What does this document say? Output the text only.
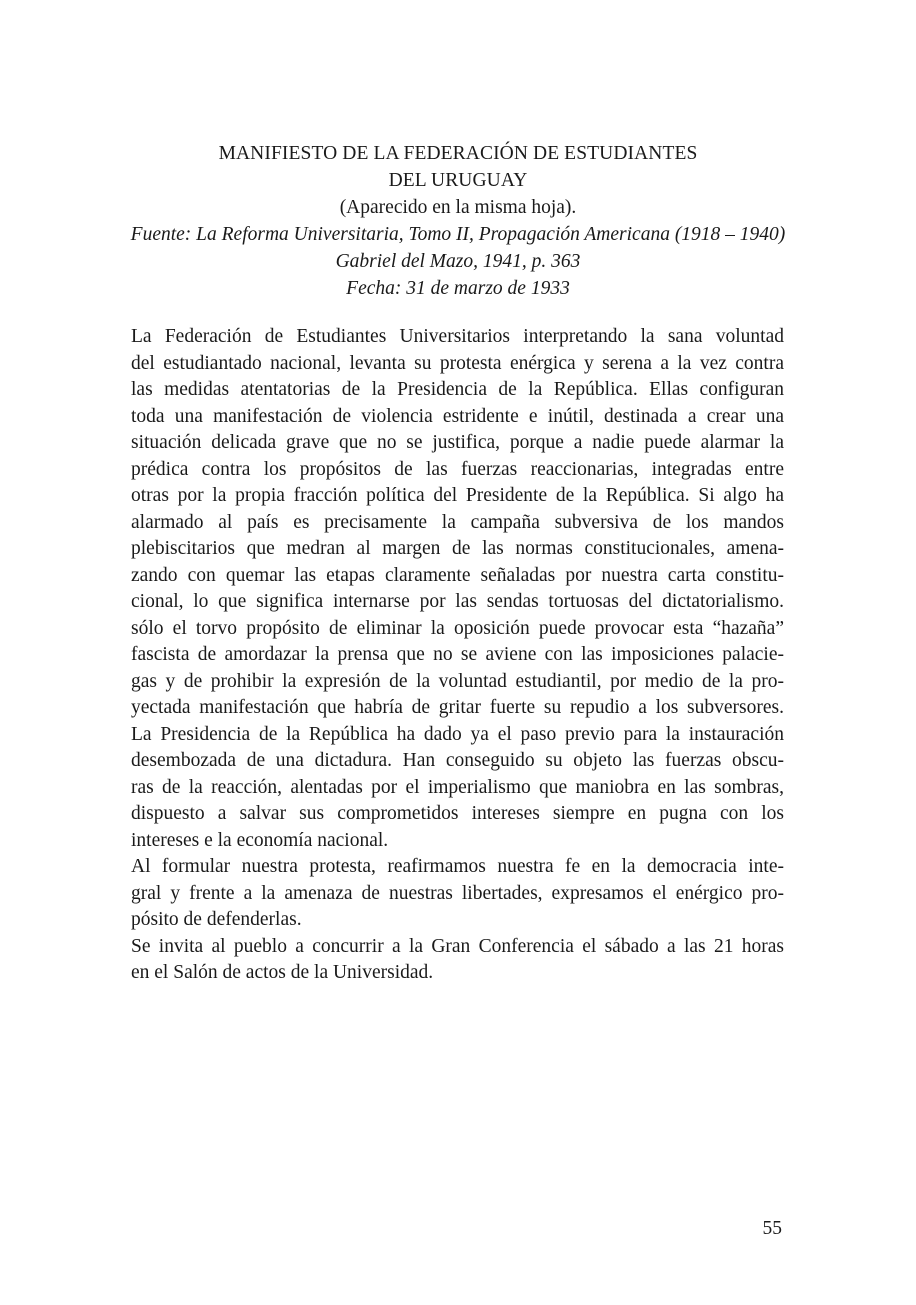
MANIFIESTO DE LA FEDERACIÓN DE ESTUDIANTES
DEL URUGUAY
(Aparecido en la misma hoja).
Fuente: La Reforma Universitaria, Tomo II, Propagación Americana (1918 – 1940)
Gabriel del Mazo, 1941, p. 363
Fecha: 31 de marzo de 1933
La Federación de Estudiantes Universitarios interpretando la sana voluntad
del estudiantado nacional, levanta su protesta enérgica y serena a la vez contra
las medidas atentatorias de la Presidencia de la República. Ellas configuran
toda una manifestación de violencia estridente e inútil, destinada a crear una
situación delicada grave que no se justifica, porque a nadie puede alarmar la
prédica contra los propósitos de las fuerzas reaccionarias, integradas entre
otras por la propia fracción política del Presidente de la República. Si algo ha
alarmado al país es precisamente la campaña subversiva de los mandos
plebiscitarios que medran al margen de las normas constitucionales, amena-
zando con quemar las etapas claramente señaladas por nuestra carta constitu-
cional, lo que significa internarse por las sendas tortuosas del dictatorialismo.
sólo el torvo propósito de eliminar la oposición puede provocar esta “hazaña”
fascista de amordazar la prensa que no se aviene con las imposiciones palacie-
gas y de prohibir la expresión de la voluntad estudiantil, por medio de la pro-
yectada manifestación que habría de gritar fuerte su repudio a los subversores.
La Presidencia de la República ha dado ya el paso previo para la instauración
desembozada de una dictadura. Han conseguido su objeto las fuerzas obscu-
ras de la reacción, alentadas por el imperialismo que maniobra en las sombras,
dispuesto a salvar sus comprometidos intereses siempre en pugna con los
intereses e la economía nacional.
Al formular nuestra protesta, reafirmamos nuestra fe en la democracia inte-
gral y frente a la amenaza de nuestras libertades, expresamos el enérgico pro-
pósito de defenderlas.
Se invita al pueblo a concurrir a la Gran Conferencia el sábado a las 21 horas
en el Salón de actos de la Universidad.
55
